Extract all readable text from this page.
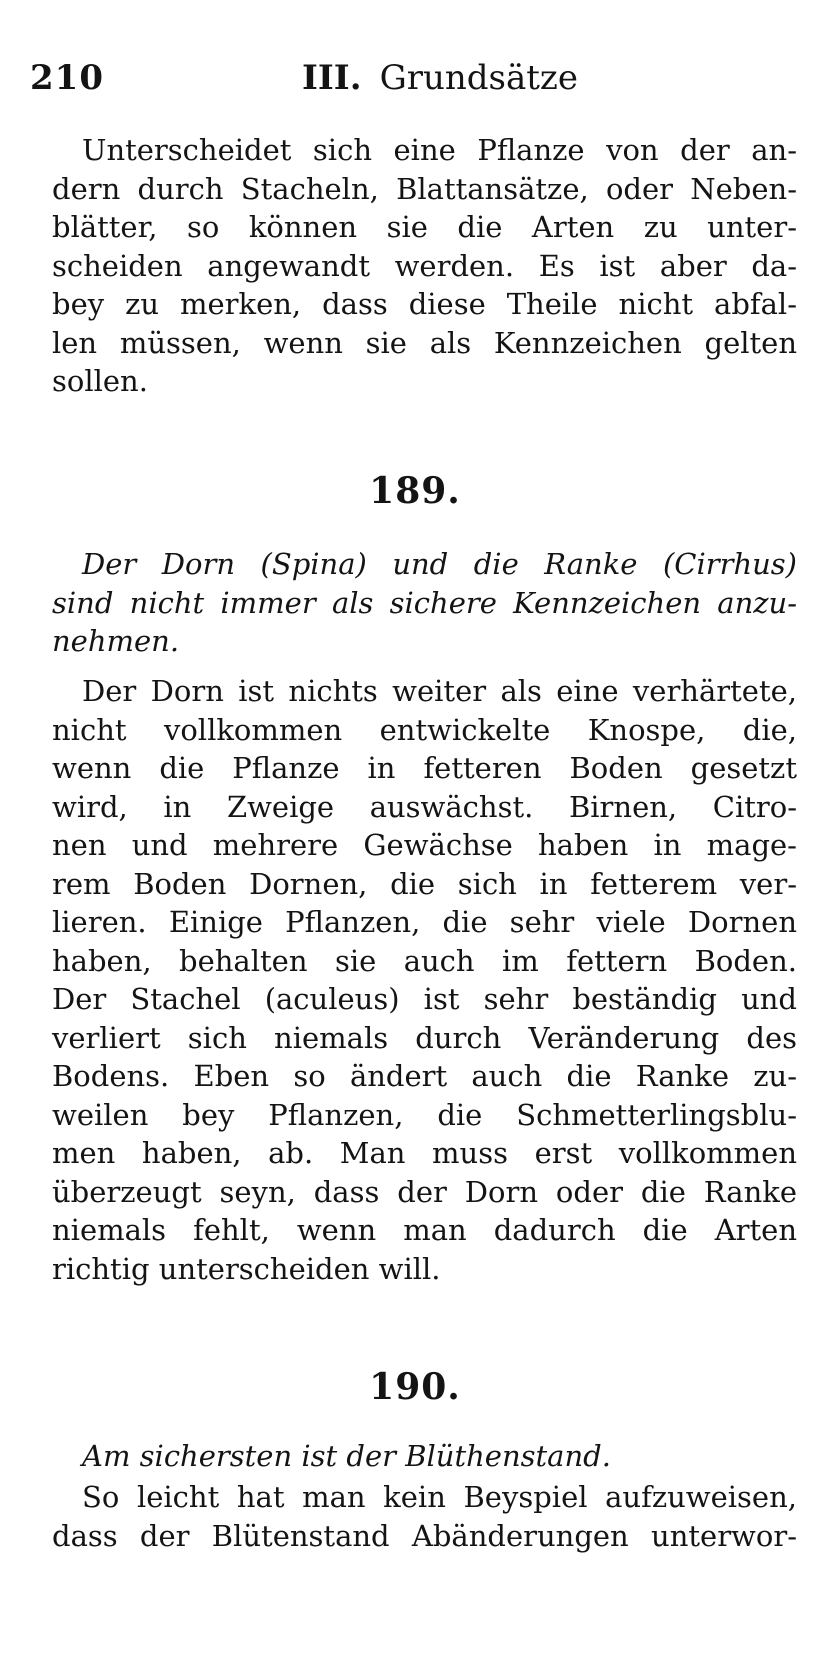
210	III. Grundsätze
Unterscheidet sich eine Pflanze von der an-
dern durch Stacheln, Blattansätze, oder Neben-
blätter, so können sie die Arten zu unter-
scheiden angewandt werden. Es ist aber da-
bey zu merken, dass diese Theile nicht abfal-
len müssen, wenn sie als Kennzeichen gelten
sollen.
189.
Der Dorn (Spina) und die Ranke (Cirrhus)
sind nicht immer als sichere Kennzeichen anzu-
nehmen.
Der Dorn ist nichts weiter als eine verhärtete,
nicht vollkommen entwickelte Knospe, die,
wenn die Pflanze in fetteren Boden gesetzt
wird, in Zweige auswächst. Birnen, Citro-
nen und mehrere Gewächse haben in mage-
rem Boden Dornen, die sich in fetterem ver-
lieren. Einige Pflanzen, die sehr viele Dornen
haben, behalten sie auch im fettern Boden.
Der Stachel (aculeus) ist sehr beständig und
verliert sich niemals durch Veränderung des
Bodens. Eben so ändert auch die Ranke zu-
weilen bey Pflanzen, die Schmetterlingsblu-
men haben, ab. Man muss erst vollkommen
überzeugt seyn, dass der Dorn oder die Ranke
niemals fehlt, wenn man dadurch die Arten
richtig unterscheiden will.
190.
Am sichersten ist der Blüthenstand.
So leicht hat man kein Beyspiel aufzuweisen,
dass der Blütenstand Abänderungen unterwor-
